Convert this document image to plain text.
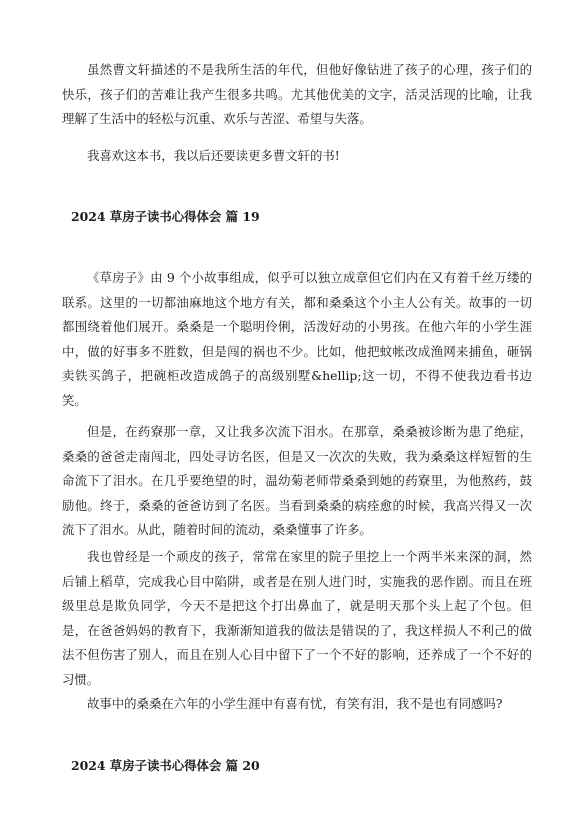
虽然曹文轩描述的不是我所生活的年代，但他好像钻进了孩子的心理，孩子们的快乐，孩子们的苦难让我产生很多共鸣。尤其他优美的文字，活灵活现的比喻，让我理解了生活中的轻松与沉重、欢乐与苦涩、希望与失落。

我喜欢这本书，我以后还要读更多曹文轩的书!

2024 草房子读书心得体会 篇 19

《草房子》由 9 个小故事组成，似乎可以独立成章但它们内在又有着千丝万缕的联系。这里的一切都油麻地这个地方有关，都和桑桑这个小主人公有关。故事的一切都围绕着他们展开。桑桑是一个聪明伶俐，活泼好动的小男孩。在他六年的小学生涯中，做的好事多不胜数，但是闯的祸也不少。比如，他把蚊帐改成渔网来捕鱼，砸锅卖铁买鸽子，把碗柜改造成鸽子的高级别墅&hellip;这一切，不得不使我边看书边笑。

但是，在药寮那一章，又让我多次流下泪水。在那章，桑桑被诊断为患了绝症，桑桑的爸爸走南闯北，四处寻访名医，但是又一次次的失败，我为桑桑这样短暂的生命流下了泪水。在几乎要绝望的时，温幼菊老师带桑桑到她的药寮里，为他熬药，鼓励他。终于，桑桑的爸爸访到了名医。当看到桑桑的病痊愈的时候，我高兴得又一次流下了泪水。从此，随着时间的流动，桑桑懂事了许多。

我也曾经是一个顽皮的孩子，常常在家里的院子里挖上一个两半米来深的洞，然后铺上稻草，完成我心目中陷阱，或者是在别人进门时，实施我的恶作剧。而且在班级里总是欺负同学，今天不是把这个打出鼻血了，就是明天那个头上起了个包。但是，在爸爸妈妈的教育下，我渐渐知道我的做法是错误的了，我这样损人不利己的做法不但伤害了别人，而且在别人心目中留下了一个不好的影响，还养成了一个不好的习惯。

故事中的桑桑在六年的小学生涯中有喜有忧，有笑有泪，我不是也有同感吗?

2024 草房子读书心得体会 篇 20
